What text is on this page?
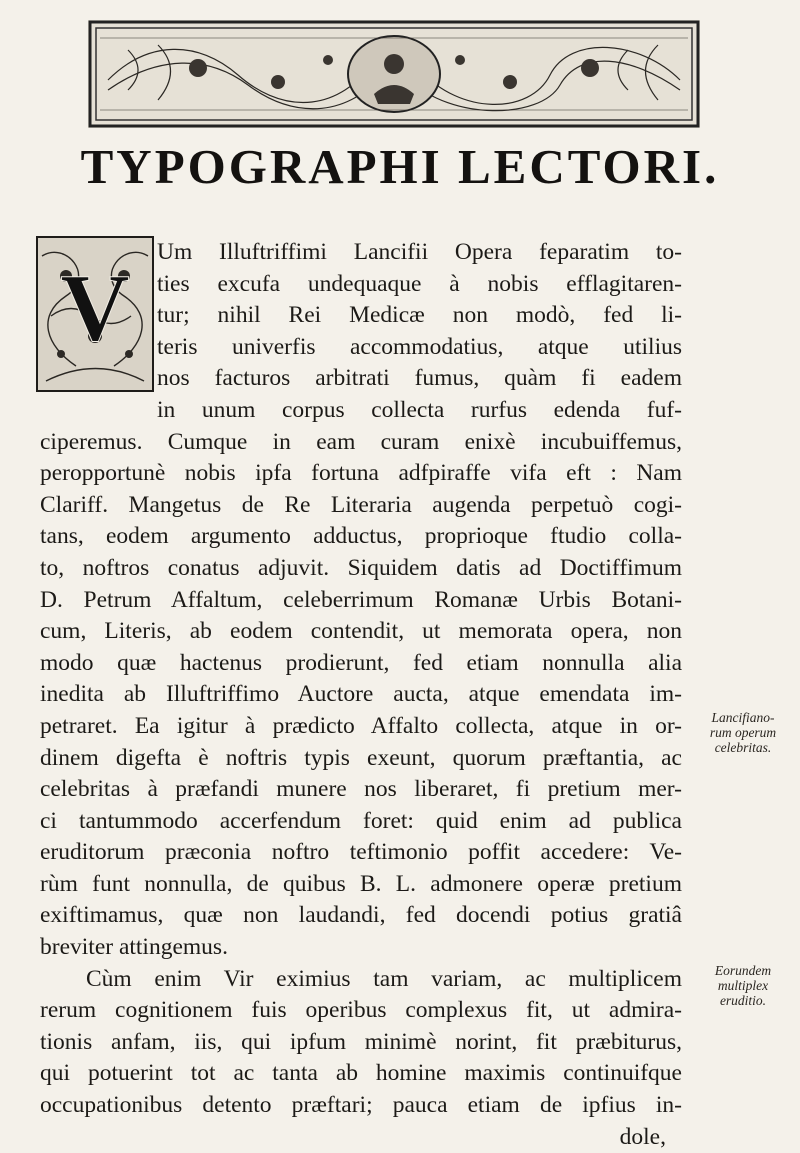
TYPOGRAPHI LECTORI.
V
Um Illuftriffimi Lancifii Opera feparatim to-
ties excufa undequaque à nobis efflagitaren-
tur; nihil Rei Medicæ non modò, fed li-
teris univerfis accommodatius, atque utilius
nos facturos arbitrati fumus, quàm fi eadem
in unum corpus collecta rurfus edenda fuf-
ciperemus. Cumque in eam curam enixè incubuiffemus,
peropportunè nobis ipfa fortuna adfpiraffe vifa eft : Nam
Clariff. Mangetus de Re Literaria augenda perpetuò cogi-
tans, eodem argumento adductus, proprioque ftudio colla-
to, noftros conatus adjuvit. Siquidem datis ad Doctiffimum
D. Petrum Affaltum, celeberrimum Romanæ Urbis Botani-
cum, Literis, ab eodem contendit, ut memorata opera, non
modo quæ hactenus prodierunt, fed etiam nonnulla alia
inedita ab Illuftriffimo Auctore aucta, atque emendata im-
petraret. Ea igitur à prædicto Affalto collecta, atque in or-
dinem digefta è noftris typis exeunt, quorum præftantia, ac
celebritas à præfandi munere nos liberaret, fi pretium mer-
ci tantummodo accerfendum foret: quid enim ad publica
eruditorum præconia noftro teftimonio poffit accedere: Ve-
rùm funt nonnulla, de quibus B. L. admonere operæ pretium
exiftimamus, quæ non laudandi, fed docendi potius gratiâ
breviter attingemus.
Cùm enim Vir eximius tam variam, ac multiplicem
rerum cognitionem fuis operibus complexus fit, ut admira-
tionis anfam, iis, qui ipfum minimè norint, fit præbiturus,
qui potuerint tot ac tanta ab homine maximis continuifque
occupationibus detento præftari; pauca etiam de ipfius in-
dole,
Lancifiano-
rum operum
celebritas.
Eorundem
multiplex
eruditio.
